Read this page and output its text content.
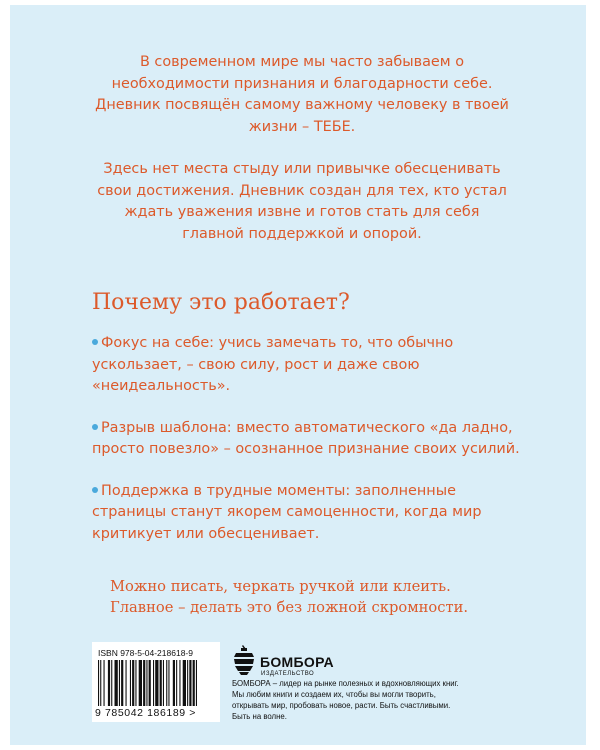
В современном мире мы часто забываем о необходимости признания и благодарности себе. Дневник посвящён самому важному человеку в твоей жизни – ТЕБЕ.

Здесь нет места стыду или привычке обесценивать свои достижения. Дневник создан для тех, кто устал ждать уважения извне и готов стать для себя главной поддержкой и опорой.

Почему это работает?

Фокус на себе: учись замечать то, что обычно ускользает, – свою силу, рост и даже свою «неидеальность».

Разрыв шаблона: вместо автоматического «да ладно, просто повезло» – осознанное признание своих усилий.

Поддержка в трудные моменты: заполненные страницы станут якорем самоценности, когда мир критикует или обесценивает.

Можно писать, черкать ручкой или клеить.
Главное – делать это без ложной скромности.
ISBN 978-5-04-218618-9
9 785042 186189 >
БОМБОРА
ИЗДАТЕЛЬСТВО
БОМБОРА – лидер на рынке полезных и вдохновляющих книг. Мы любим книги и создаем их, чтобы вы могли творить, открывать мир, пробовать новое, расти. Быть счастливыми. Быть на волне.
